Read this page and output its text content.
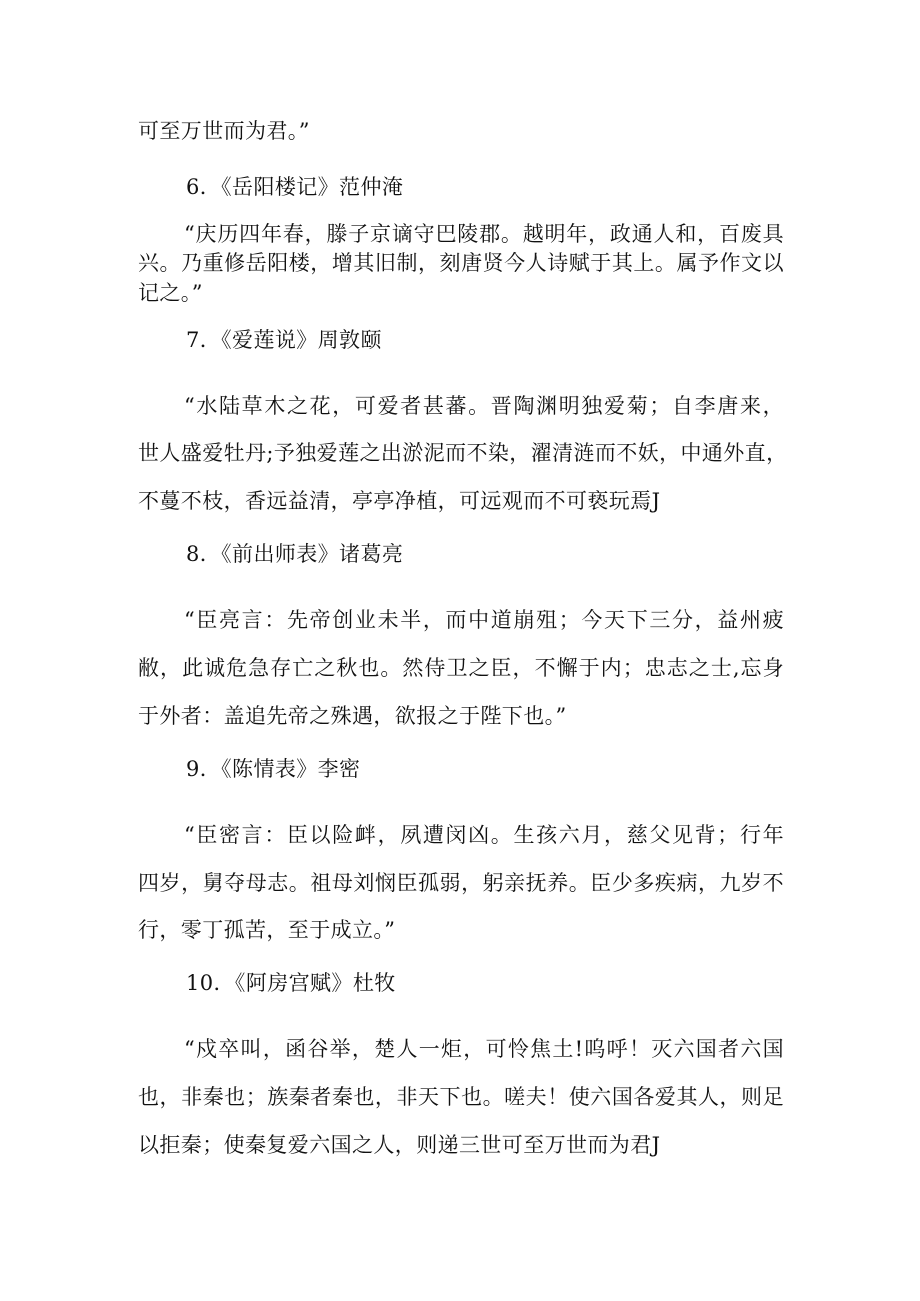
可至万世而为君。”
6．《岳阳楼记》范仲淹
“庆历四年春，滕子京谪守巴陵郡。越明年，政通人和，百废具
兴。乃重修岳阳楼，增其旧制，刻唐贤今人诗赋于其上。属予作文以
记之。”
7．《爱莲说》周敦颐
“水陆草木之花，可爱者甚蕃。晋陶渊明独爱菊；自李唐来，
世人盛爱牡丹;予独爱莲之出淤泥而不染，濯清涟而不妖，中通外直，
不蔓不枝，香远益清，亭亭净植，可远观而不可亵玩焉J
8．《前出师表》诸葛亮
“臣亮言：先帝创业未半，而中道崩殂；今天下三分，益州疲
敝，此诚危急存亡之秋也。然侍卫之臣，不懈于内；忠志之士,忘身
于外者：盖追先帝之殊遇，欲报之于陛下也。”
9．《陈情表》李密
“臣密言：臣以险衅，夙遭闵凶。生孩六月，慈父见背；行年
四岁，舅夺母志。祖母刘悯臣孤弱，躬亲抚养。臣少多疾病，九岁不
行，零丁孤苦，至于成立。”
10．《阿房宫赋》杜牧
“戍卒叫，函谷举，楚人一炬，可怜焦土!呜呼！灭六国者六国
也，非秦也；族秦者秦也，非天下也。嗟夫！使六国各爱其人，则足
以拒秦；使秦复爱六国之人，则递三世可至万世而为君J
